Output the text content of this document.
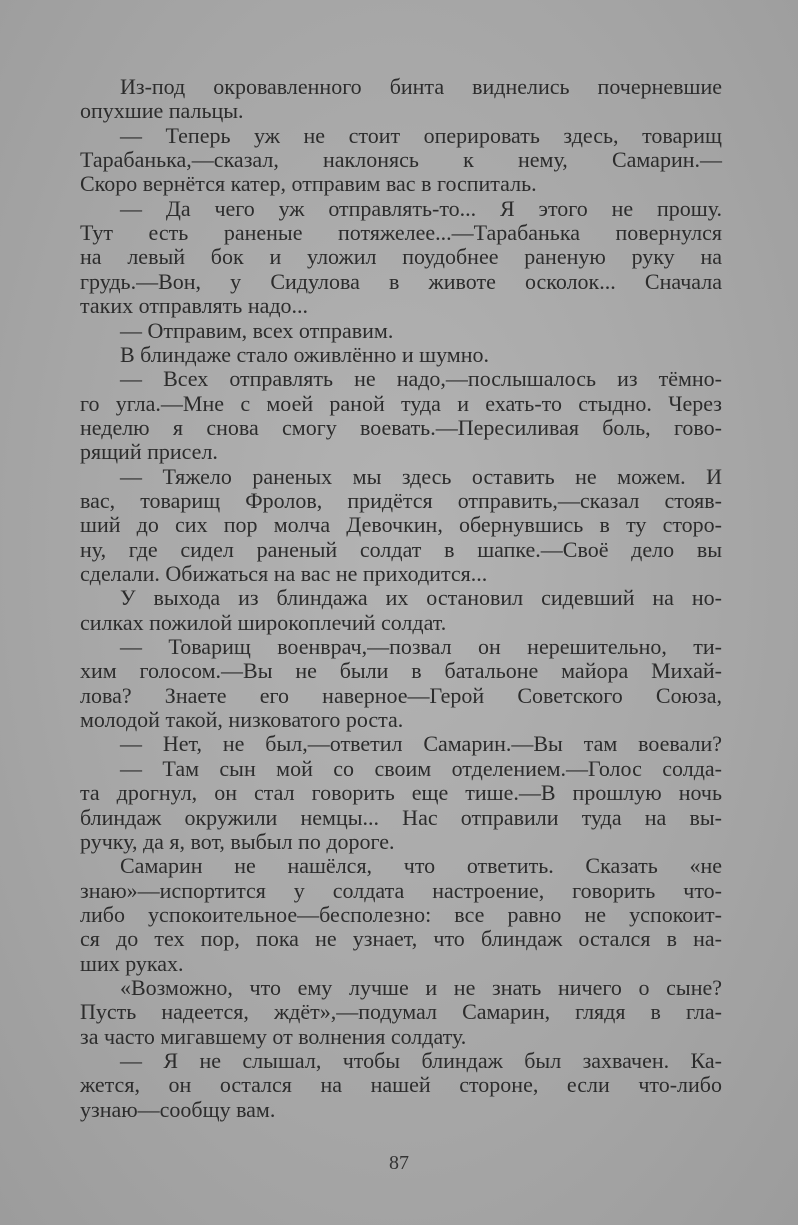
Из-под окровавленного бинта виднелись почерневшие
опухшие пальцы.
— Теперь уж не стоит оперировать здесь, товарищ
Тарабанька,—сказал, наклонясь к нему, Самарин.—
Скоро вернётся катер, отправим вас в госпиталь.
— Да чего уж отправлять-то... Я этого не прошу.
Тут есть раненые потяжелее...—Тарабанька повернулся
на левый бок и уложил поудобнее раненую руку на
грудь.—Вон, у Сидулова в животе осколок... Сначала
таких отправлять надо...
— Отправим, всех отправим.
В блиндаже стало оживлённо и шумно.
— Всех отправлять не надо,—послышалось из тёмно-
го угла.—Мне с моей раной туда и ехать-то стыдно. Через
неделю я снова смогу воевать.—Пересиливая боль, гово-
рящий присел.
— Тяжело раненых мы здесь оставить не можем. И
вас, товарищ Фролов, придётся отправить,—сказал стояв-
ший до сих пор молча Девочкин, обернувшись в ту сторо-
ну, где сидел раненый солдат в шапке.—Своё дело вы
сделали. Обижаться на вас не приходится...
У выхода из блиндажа их остановил сидевший на но-
силках пожилой широкоплечий солдат.
— Товарищ военврач,—позвал он нерешительно, ти-
хим голосом.—Вы не были в батальоне майора Михай-
лова? Знаете его наверное—Герой Советского Союза,
молодой такой, низковатого роста.
— Нет, не был,—ответил Самарин.—Вы там воевали?
— Там сын мой со своим отделением.—Голос солда-
та дрогнул, он стал говорить еще тише.—В прошлую ночь
блиндаж окружили немцы... Нас отправили туда на вы-
ручку, да я, вот, выбыл по дороге.
Самарин не нашёлся, что ответить. Сказать «не
знаю»—испортится у солдата настроение, говорить что-
либо успокоительное—бесполезно: все равно не успокоит-
ся до тех пор, пока не узнает, что блиндаж остался в на-
ших руках.
«Возможно, что ему лучше и не знать ничего о сыне?
Пусть надеется, ждёт»,—подумал Самарин, глядя в гла-
за часто мигавшему от волнения солдату.
— Я не слышал, чтобы блиндаж был захвачен. Ка-
жется, он остался на нашей стороне, если что-либо
узнаю—сообщу вам.
87
